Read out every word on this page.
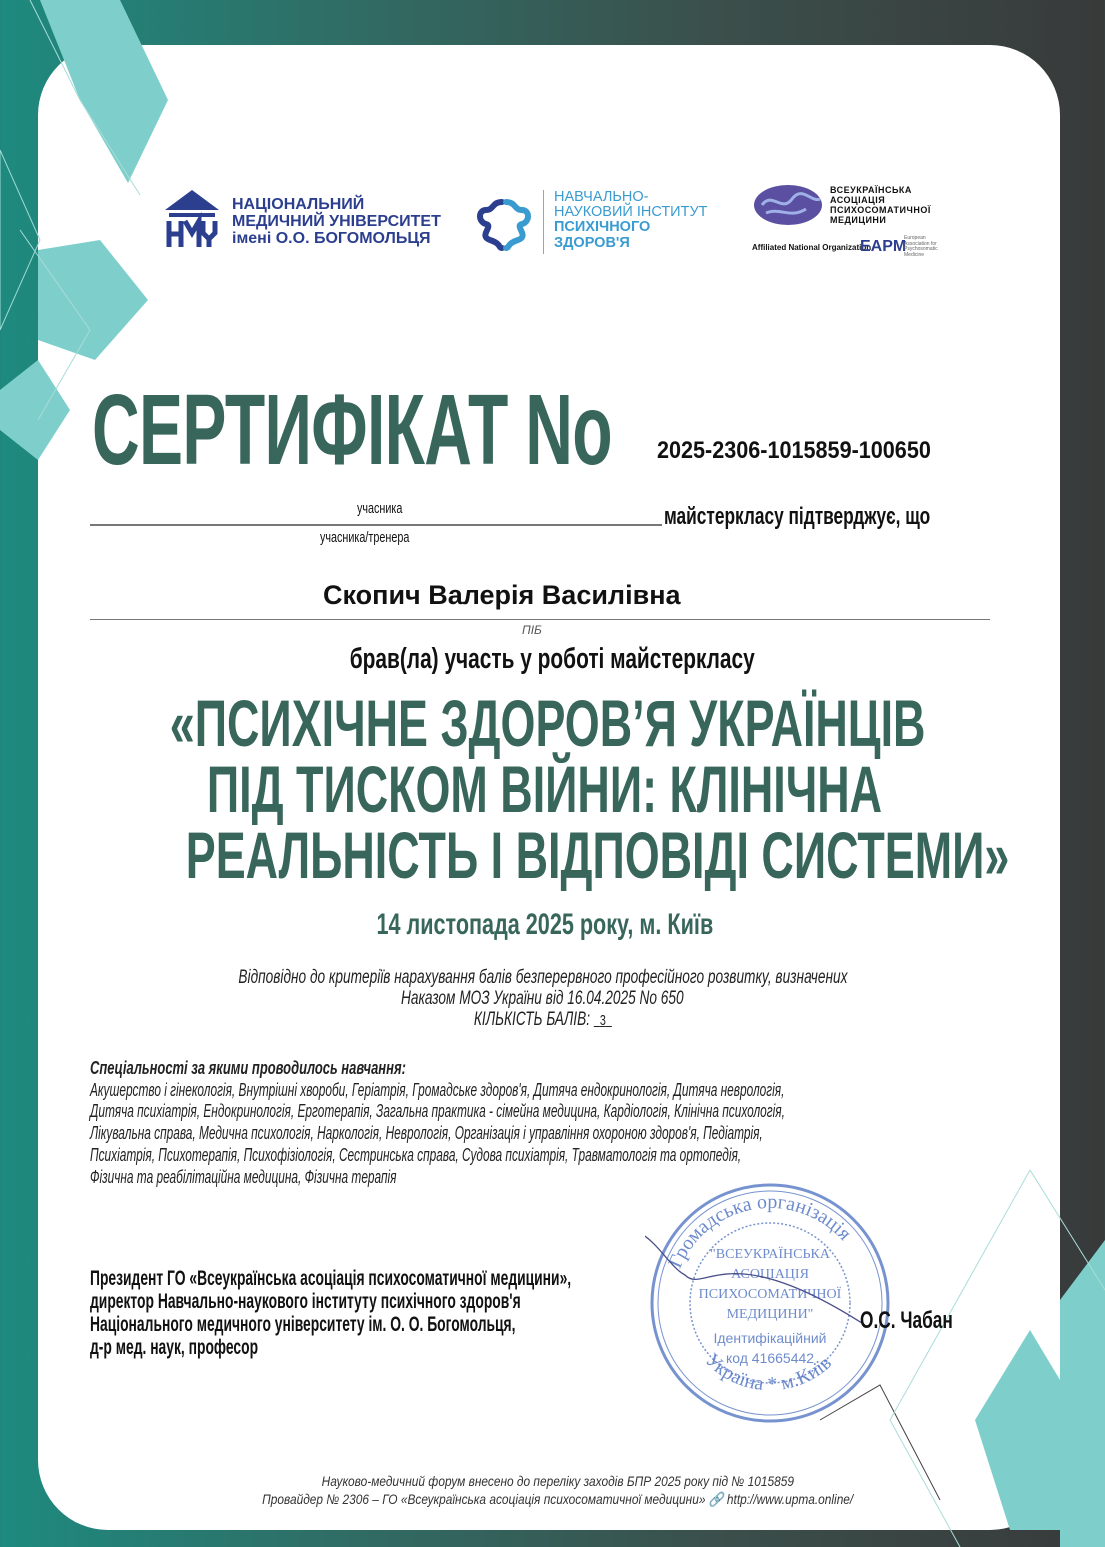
НАЦІОНАЛЬНИЙ
МЕДИЧНИЙ УНІВЕРСИТЕТ
імені О.О. БОГОМОЛЬЦЯ
НАВЧАЛЬНО-
НАУКОВИЙ ІНСТИТУТ
ПСИХІЧНОГО
ЗДОРОВ'Я
ВСЕУКРАЇНСЬКА
АСОЦІАЦІЯ
ПСИХОСОМАТИЧНОЇ
МЕДИЦИНИ
Affiliated National Organization
EAPM
European Association for Psychosomatic Medicine
СЕРТИФІКАТ No	2025-2306-1015859-100650
учасника
учасника/тренера
майстеркласу підтверджує, що
Скопич Валерія Василівна
ПІБ
брав(ла) участь у роботі майстеркласу
«ПСИХІЧНЕ ЗДОРОВ’Я УКРАЇНЦІВ
ПІД ТИСКОМ ВІЙНИ: КЛІНІЧНА
РЕАЛЬНІСТЬ І ВІДПОВІДІ СИСТЕМИ»
14 листопада 2025 року, м. Київ
Відповідно до критеріїв нарахування балів безперервного професійного розвитку, визначених
Наказом МОЗ України від 16.04.2025 No 650
КІЛЬКІСТЬ БАЛІВ: 3
Спеціальності за якими проводилось навчання:
Акушерство і гінекологія, Внутрішні хвороби, Геріатрія, Громадське здоров'я, Дитяча ендокринологія, Дитяча неврологія,
Дитяча психіатрія, Ендокринологія, Ерготерапія, Загальна практика - сімейна медицина, Кардіологія, Клінічна психологія,
Лікувальна справа, Медична психологія, Наркологія, Неврологія, Організація і управління охороною здоров'я, Педіатрія,
Психіатрія, Психотерапія, Психофізіологія, Сестринська справа, Судова психіатрія, Травматологія та ортопедія,
Фізична та реабілітаційна медицина, Фізична терапія
Громадська організація
Україна * м.Київ
"ВСЕУКРАЇНСЬКА
АСОЦІАЦІЯ
ПСИХОСОМАТИЧНОЇ
МЕДИЦИНИ"
Ідентифікаційний
код 41665442
Президент ГО «Всеукраїнська асоціація психосоматичної медицини»,
директор Навчально-наукового інституту психічного здоров'я
Національного медичного університету ім. О. О. Богомольця,
д-р мед. наук, професор
О.С. Чабан
Науково-медичний форум внесено до переліку заходів БПР 2025 року під № 1015859
Провайдер № 2306 – ГО «Всеукраїнська асоціація психосоматичної медицини» 🔗 http://www.upma.online/
